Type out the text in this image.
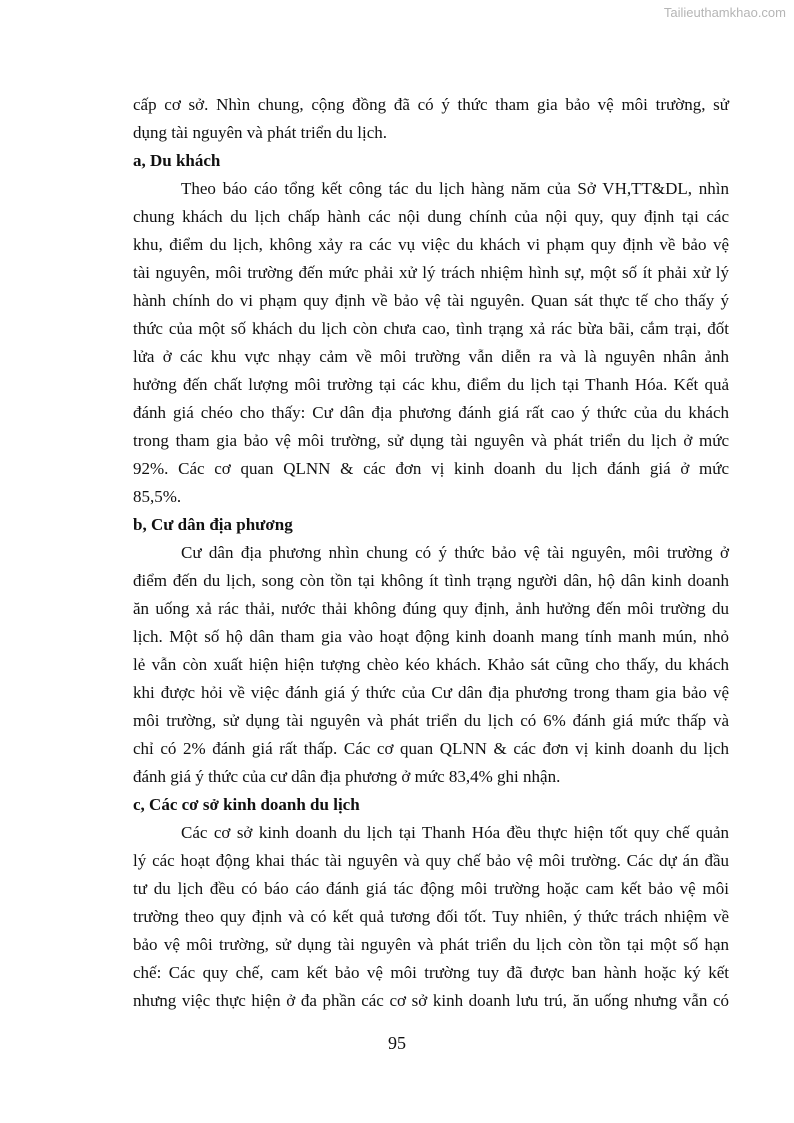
Tailieuthamkhao.com
cấp cơ sở. Nhìn chung, cộng đồng đã có ý thức tham gia bảo vệ môi trường, sử
dụng tài nguyên và phát triển du lịch.
a, Du khách
Theo báo cáo tổng kết công tác du lịch hàng năm của Sở VH,TT&DL, nhìn
chung khách du lịch chấp hành các nội dung chính của nội quy, quy định tại các
khu, điểm du lịch, không xảy ra các vụ việc du khách vi phạm quy định về bảo vệ
tài nguyên, môi trường đến mức phải xử lý trách nhiệm hình sự, một số ít phải xử lý
hành chính do vi phạm quy định về bảo vệ tài nguyên. Quan sát thực tế cho thấy ý
thức của một số khách du lịch còn chưa cao, tình trạng xả rác bừa bãi, cắm trại, đốt
lửa ở các khu vực nhạy cảm về môi trường vẫn diễn ra và là nguyên nhân ảnh
hưởng đến chất lượng môi trường tại các khu, điểm du lịch tại Thanh Hóa. Kết quả
đánh giá chéo cho thấy: Cư dân địa phương đánh giá rất cao ý thức của du khách
trong tham gia bảo vệ môi trường, sử dụng tài nguyên và phát triển du lịch ở mức
92%. Các cơ quan QLNN & các đơn vị kinh doanh du lịch đánh giá ở mức
85,5%.
b, Cư dân địa phương
Cư dân địa phương nhìn chung có ý thức bảo vệ tài nguyên, môi trường ở
điểm đến du lịch, song còn tồn tại không ít tình trạng người dân, hộ dân kinh doanh
ăn uống xả rác thải, nước thải không đúng quy định, ảnh hưởng đến môi trường du
lịch. Một số hộ dân tham gia vào hoạt động kinh doanh mang tính manh mún, nhỏ
lẻ vẫn còn xuất hiện hiện tượng chèo kéo khách. Khảo sát cũng cho thấy, du khách
khi được hỏi về việc đánh giá ý thức của Cư dân địa phương trong tham gia bảo vệ
môi trường, sử dụng tài nguyên và phát triển du lịch có 6% đánh giá mức thấp và
chỉ có 2% đánh giá rất thấp. Các cơ quan QLNN & các đơn vị kinh doanh du lịch
đánh giá ý thức của cư dân địa phương ở mức 83,4% ghi nhận.
c, Các cơ sở kinh doanh du lịch
Các cơ sở kinh doanh du lịch tại Thanh Hóa đều thực hiện tốt quy chế quản
lý các hoạt động khai thác tài nguyên và quy chế bảo vệ môi trường. Các dự án đầu
tư du lịch đều có báo cáo đánh giá tác động môi trường hoặc cam kết bảo vệ môi
trường theo quy định và có kết quả tương đối tốt. Tuy nhiên, ý thức trách nhiệm về
bảo vệ môi trường, sử dụng tài nguyên và phát triển du lịch còn tồn tại một số hạn
chế: Các quy chế, cam kết bảo vệ môi trường tuy đã được ban hành hoặc ký kết
nhưng việc thực hiện ở đa phần các cơ sở kinh doanh lưu trú, ăn uống nhưng vẫn có
95
